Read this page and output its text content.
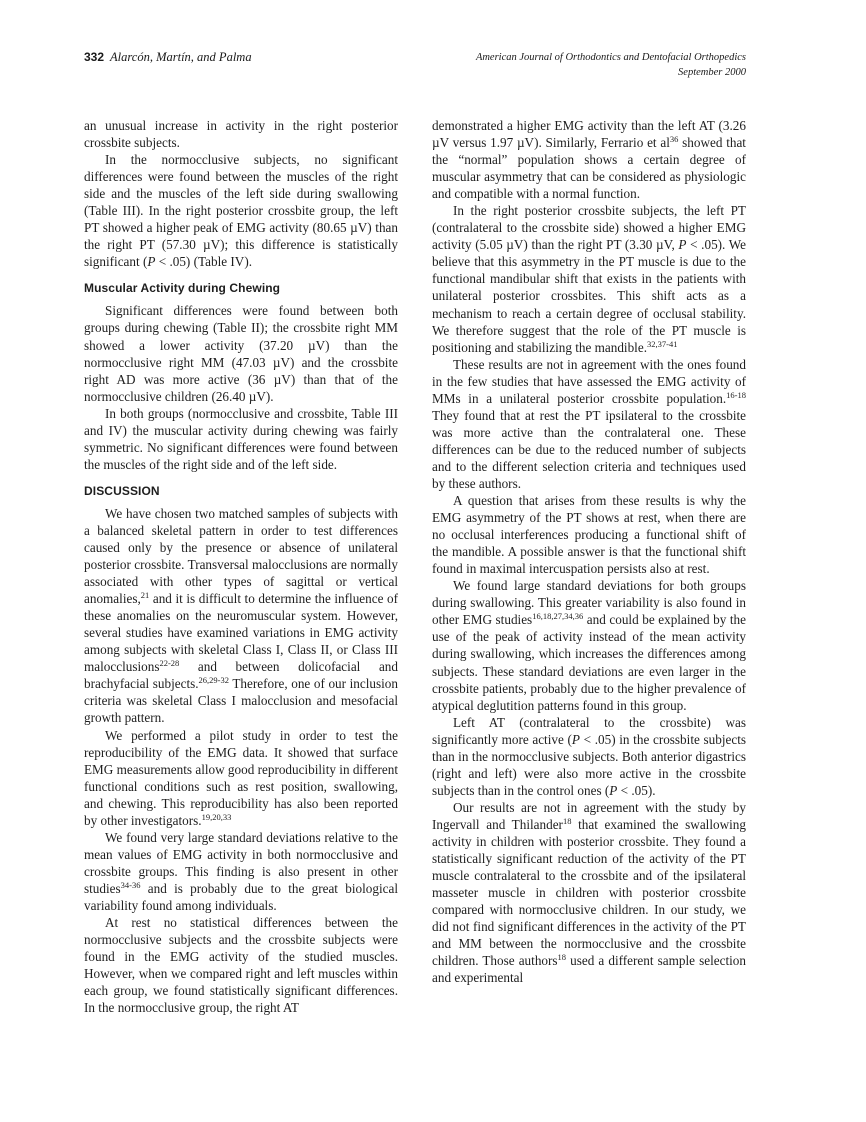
332 Alarcón, Martín, and Palma	American Journal of Orthodontics and Dentofacial Orthopedics
September 2000

an unusual increase in activity in the right posterior crossbite subjects.

In the normocclusive subjects, no significant differences were found between the muscles of the right side and the muscles of the left side during swallowing (Table III). In the right posterior crossbite group, the left PT showed a higher peak of EMG activity (80.65 µV) than the right PT (57.30 µV); this difference is statistically significant (P < .05) (Table IV).

Muscular Activity during Chewing

Significant differences were found between both groups during chewing (Table II); the crossbite right MM showed a lower activity (37.20 µV) than the normocclusive right MM (47.03 µV) and the crossbite right AD was more active (36 µV) than that of the normocclusive children (26.40 µV).

In both groups (normocclusive and crossbite, Table III and IV) the muscular activity during chewing was fairly symmetric. No significant differences were found between the muscles of the right side and of the left side.

DISCUSSION

We have chosen two matched samples of subjects with a balanced skeletal pattern in order to test differences caused only by the presence or absence of unilateral posterior crossbite. Transversal malocclusions are normally associated with other types of sagittal or vertical anomalies,$^{21}$ and it is difficult to determine the influence of these anomalies on the neuromuscular system. However, several studies have examined variations in EMG activity among subjects with skeletal Class I, Class II, or Class III malocclusions$^{22-28}$ and between dolicofacial and brachyfacial subjects.$^{26,29-32}$ Therefore, one of our inclusion criteria was skeletal Class I malocclusion and mesofacial growth pattern.

We performed a pilot study in order to test the reproducibility of the EMG data. It showed that surface EMG measurements allow good reproducibility in different functional conditions such as rest position, swallowing, and chewing. This reproducibility has also been reported by other investigators.$^{19,20,33}$

We found very large standard deviations relative to the mean values of EMG activity in both normocclusive and crossbite groups. This finding is also present in other studies$^{34-36}$ and is probably due to the great biological variability found among individuals.

At rest no statistical differences between the normocclusive subjects and the crossbite subjects were found in the EMG activity of the studied muscles. However, when we compared right and left muscles within each group, we found statistically significant differences. In the normocclusive group, the right AT

demonstrated a higher EMG activity than the left AT (3.26 µV versus 1.97 µV). Similarly, Ferrario et $al^{36}$ showed that the “normal” population shows a certain degree of muscular asymmetry that can be considered as physiologic and compatible with a normal function.

In the right posterior crossbite subjects, the left PT (contralateral to the crossbite side) showed a higher EMG activity (5.05 µV) than the right PT (3.30 µV, P < .05). We believe that this asymmetry in the PT muscle is due to the functional mandibular shift that exists in the patients with unilateral posterior crossbites. This shift acts as a mechanism to reach a certain degree of occlusal stability. We therefore suggest that the role of the PT muscle is positioning and stabilizing the mandible.$^{32,37-41}$

These results are not in agreement with the ones found in the few studies that have assessed the EMG activity of MMs in a unilateral posterior crossbite population.$^{16-18}$ They found that at rest the PT ipsilateral to the crossbite was more active than the contralateral one. These differences can be due to the reduced number of subjects and to the different selection criteria and techniques used by these authors.

A question that arises from these results is why the EMG asymmetry of the PT shows at rest, when there are no occlusal interferences producing a functional shift of the mandible. A possible answer is that the functional shift found in maximal intercuspation persists also at rest.

We found large standard deviations for both groups during swallowing. This greater variability is also found in other EMG studies$^{16,18,27,34,36}$ and could be explained by the use of the peak of activity instead of the mean activity during swallowing, which increases the differences among subjects. These standard deviations are even larger in the crossbite patients, probably due to the higher prevalence of atypical deglutition patterns found in this group.

Left AT (contralateral to the crossbite) was significantly more active (P < .05) in the crossbite subjects than in the normocclusive subjects. Both anterior digastrics (right and left) were also more active in the crossbite subjects than in the control ones (P < .05).

Our results are not in agreement with the study by Ingervall and Thilander$^{18}$ that examined the swallowing activity in children with posterior crossbite. They found a statistically significant reduction of the activity of the PT muscle contralateral to the crossbite and of the ipsilateral masseter muscle in children with posterior crossbite compared with normocclusive children. In our study, we did not find significant differences in the activity of the PT and MM between the normocclusive and the crossbite children. Those authors$^{18}$ used a different sample selection and experimental
